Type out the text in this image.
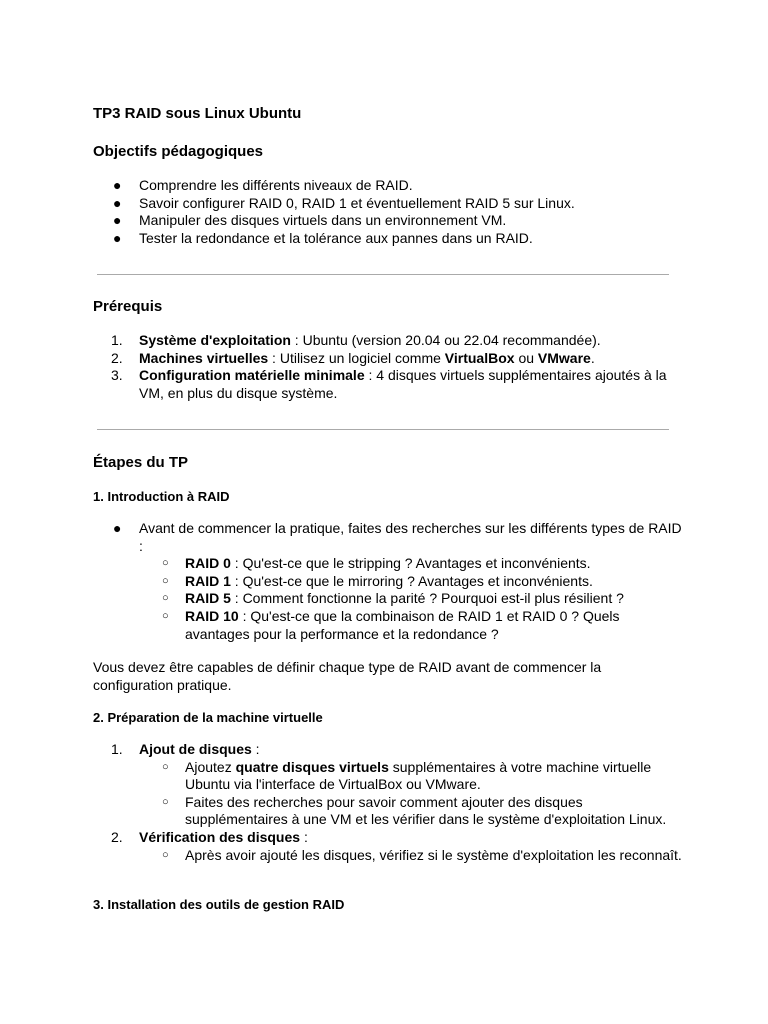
TP3 RAID sous Linux Ubuntu
Objectifs pédagogiques
●	Comprendre les différents niveaux de RAID.
●	Savoir configurer RAID 0, RAID 1 et éventuellement RAID 5 sur Linux.
●	Manipuler des disques virtuels dans un environnement VM.
●	Tester la redondance et la tolérance aux pannes dans un RAID.
Prérequis
1.	Système d'exploitation : Ubuntu (version 20.04 ou 22.04 recommandée).
2.	Machines virtuelles : Utilisez un logiciel comme VirtualBox ou VMware.
3.	Configuration matérielle minimale : 4 disques virtuels supplémentaires ajoutés à la VM, en plus du disque système.
Étapes du TP
1. Introduction à RAID
●	Avant de commencer la pratique, faites des recherches sur les différents types de RAID :
○	RAID 0 : Qu'est-ce que le stripping ? Avantages et inconvénients.
○	RAID 1 : Qu'est-ce que le mirroring ? Avantages et inconvénients.
○	RAID 5 : Comment fonctionne la parité ? Pourquoi est-il plus résilient ?
○	RAID 10 : Qu'est-ce que la combinaison de RAID 1 et RAID 0 ? Quels avantages pour la performance et la redondance ?

Vous devez être capables de définir chaque type de RAID avant de commencer la configuration pratique.

2. Préparation de la machine virtuelle
1.	Ajout de disques :
○	Ajoutez quatre disques virtuels supplémentaires à votre machine virtuelle Ubuntu via l'interface de VirtualBox ou VMware.
○	Faites des recherches pour savoir comment ajouter des disques supplémentaires à une VM et les vérifier dans le système d'exploitation Linux.
2.	Vérification des disques :
○	Après avoir ajouté les disques, vérifiez si le système d'exploitation les reconnaît.
3. Installation des outils de gestion RAID
